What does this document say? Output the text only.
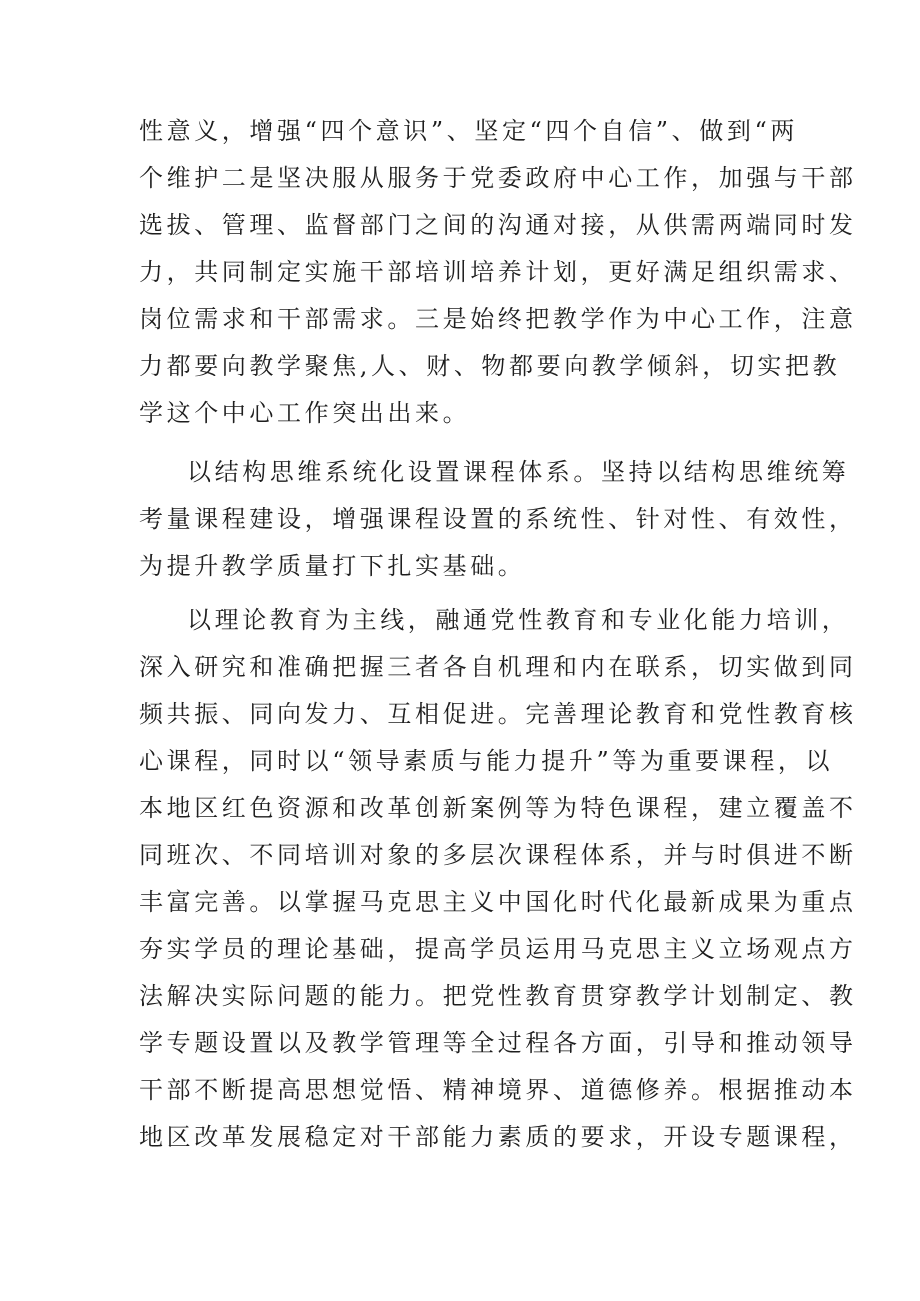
性意义，增强“四个意识”、坚定“四个自信”、做到“两

个维护二是坚决服从服务于党委政府中心工作，加强与干部

选拔、管理、监督部门之间的沟通对接，从供需两端同时发

力，共同制定实施干部培训培养计划，更好满足组织需求、

岗位需求和干部需求。三是始终把教学作为中心工作，注意

力都要向教学聚焦,人、财、物都要向教学倾斜，切实把教

学这个中心工作突出出来。

以结构思维系统化设置课程体系。坚持以结构思维统筹

考量课程建设，增强课程设置的系统性、针对性、有效性，

为提升教学质量打下扎实基础。

以理论教育为主线，融通党性教育和专业化能力培训，

深入研究和准确把握三者各自机理和内在联系，切实做到同

频共振、同向发力、互相促进。完善理论教育和党性教育核

心课程，同时以“领导素质与能力提升”等为重要课程，以

本地区红色资源和改革创新案例等为特色课程，建立覆盖不

同班次、不同培训对象的多层次课程体系，并与时俱进不断

丰富完善。以掌握马克思主义中国化时代化最新成果为重点

夯实学员的理论基础，提高学员运用马克思主义立场观点方

法解决实际问题的能力。把党性教育贯穿教学计划制定、教

学专题设置以及教学管理等全过程各方面，引导和推动领导

干部不断提高思想觉悟、精神境界、道德修养。根据推动本

地区改革发展稳定对干部能力素质的要求，开设专题课程，
